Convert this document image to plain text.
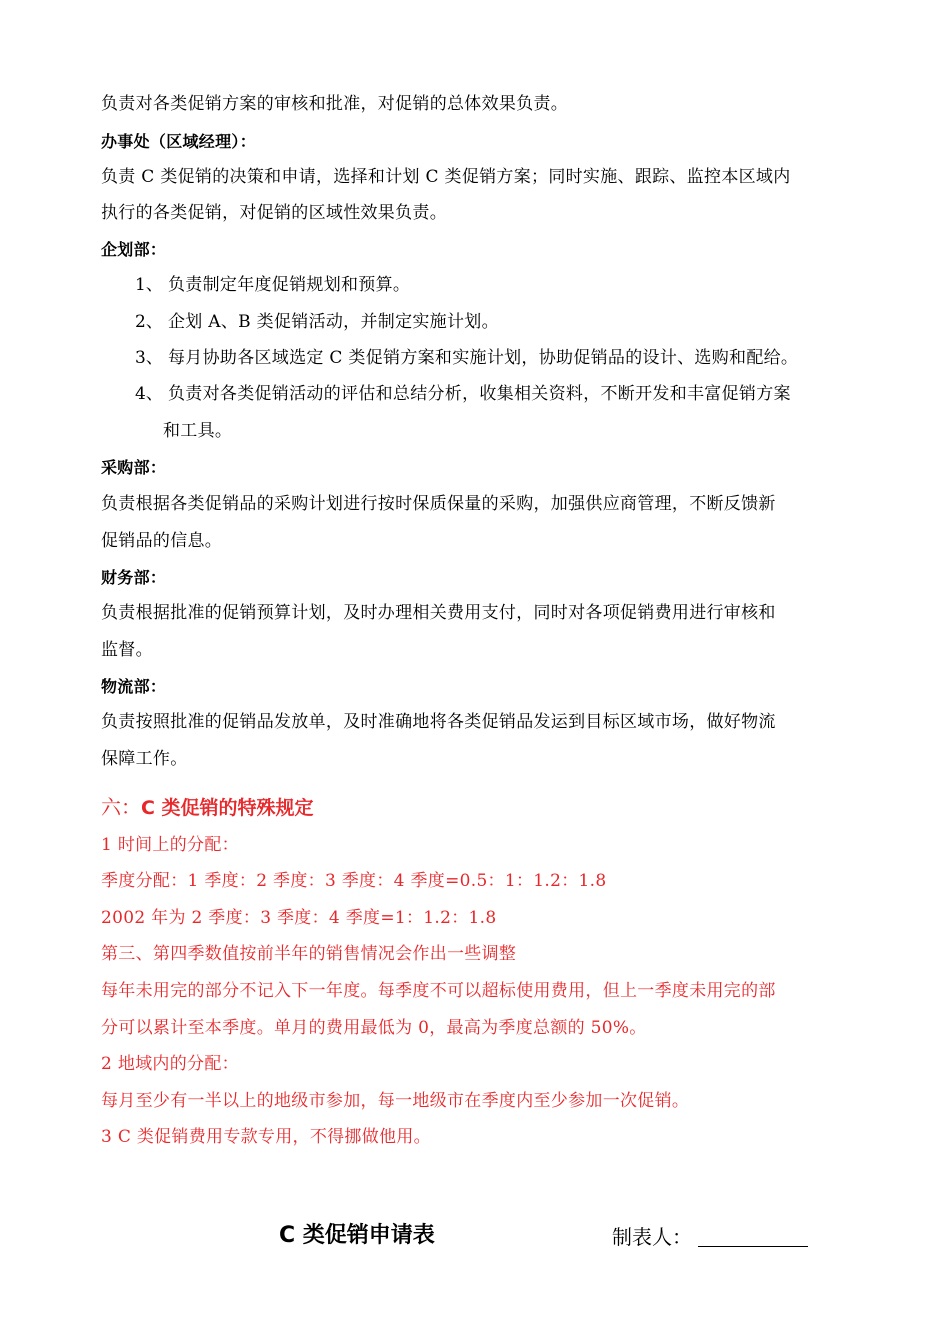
负责对各类促销方案的审核和批准，对促销的总体效果负责。
办事处（区域经理）：
负责 C 类促销的决策和申请，选择和计划 C 类促销方案；同时实施、跟踪、监控本区域内
执行的各类促销，对促销的区域性效果负责。
企划部：
1、 负责制定年度促销规划和预算。
2、 企划 A、B 类促销活动，并制定实施计划。
3、 每月协助各区域选定 C 类促销方案和实施计划，协助促销品的设计、选购和配给。
4、 负责对各类促销活动的评估和总结分析，收集相关资料，不断开发和丰富促销方案
和工具。
采购部：
负责根据各类促销品的采购计划进行按时保质保量的采购，加强供应商管理，不断反馈新
促销品的信息。
财务部：
负责根据批准的促销预算计划，及时办理相关费用支付，同时对各项促销费用进行审核和
监督。
物流部：
负责按照批准的促销品发放单，及时准确地将各类促销品发运到目标区域市场，做好物流
保障工作。
六：C 类促销的特殊规定
1 时间上的分配：
季度分配：1 季度：2 季度：3 季度：4 季度=0.5：1：1.2：1.8
2002 年为 2 季度：3 季度：4 季度=1：1.2：1.8
第三、第四季数值按前半年的销售情况会作出一些调整
每年未用完的部分不记入下一年度。每季度不可以超标使用费用，但上一季度未用完的部
分可以累计至本季度。单月的费用最低为 0，最高为季度总额的 50%。
2 地域内的分配：
每月至少有一半以上的地级市参加，每一地级市在季度内至少参加一次促销。
3 C 类促销费用专款专用，不得挪做他用。
C 类促销申请表	制表人：
